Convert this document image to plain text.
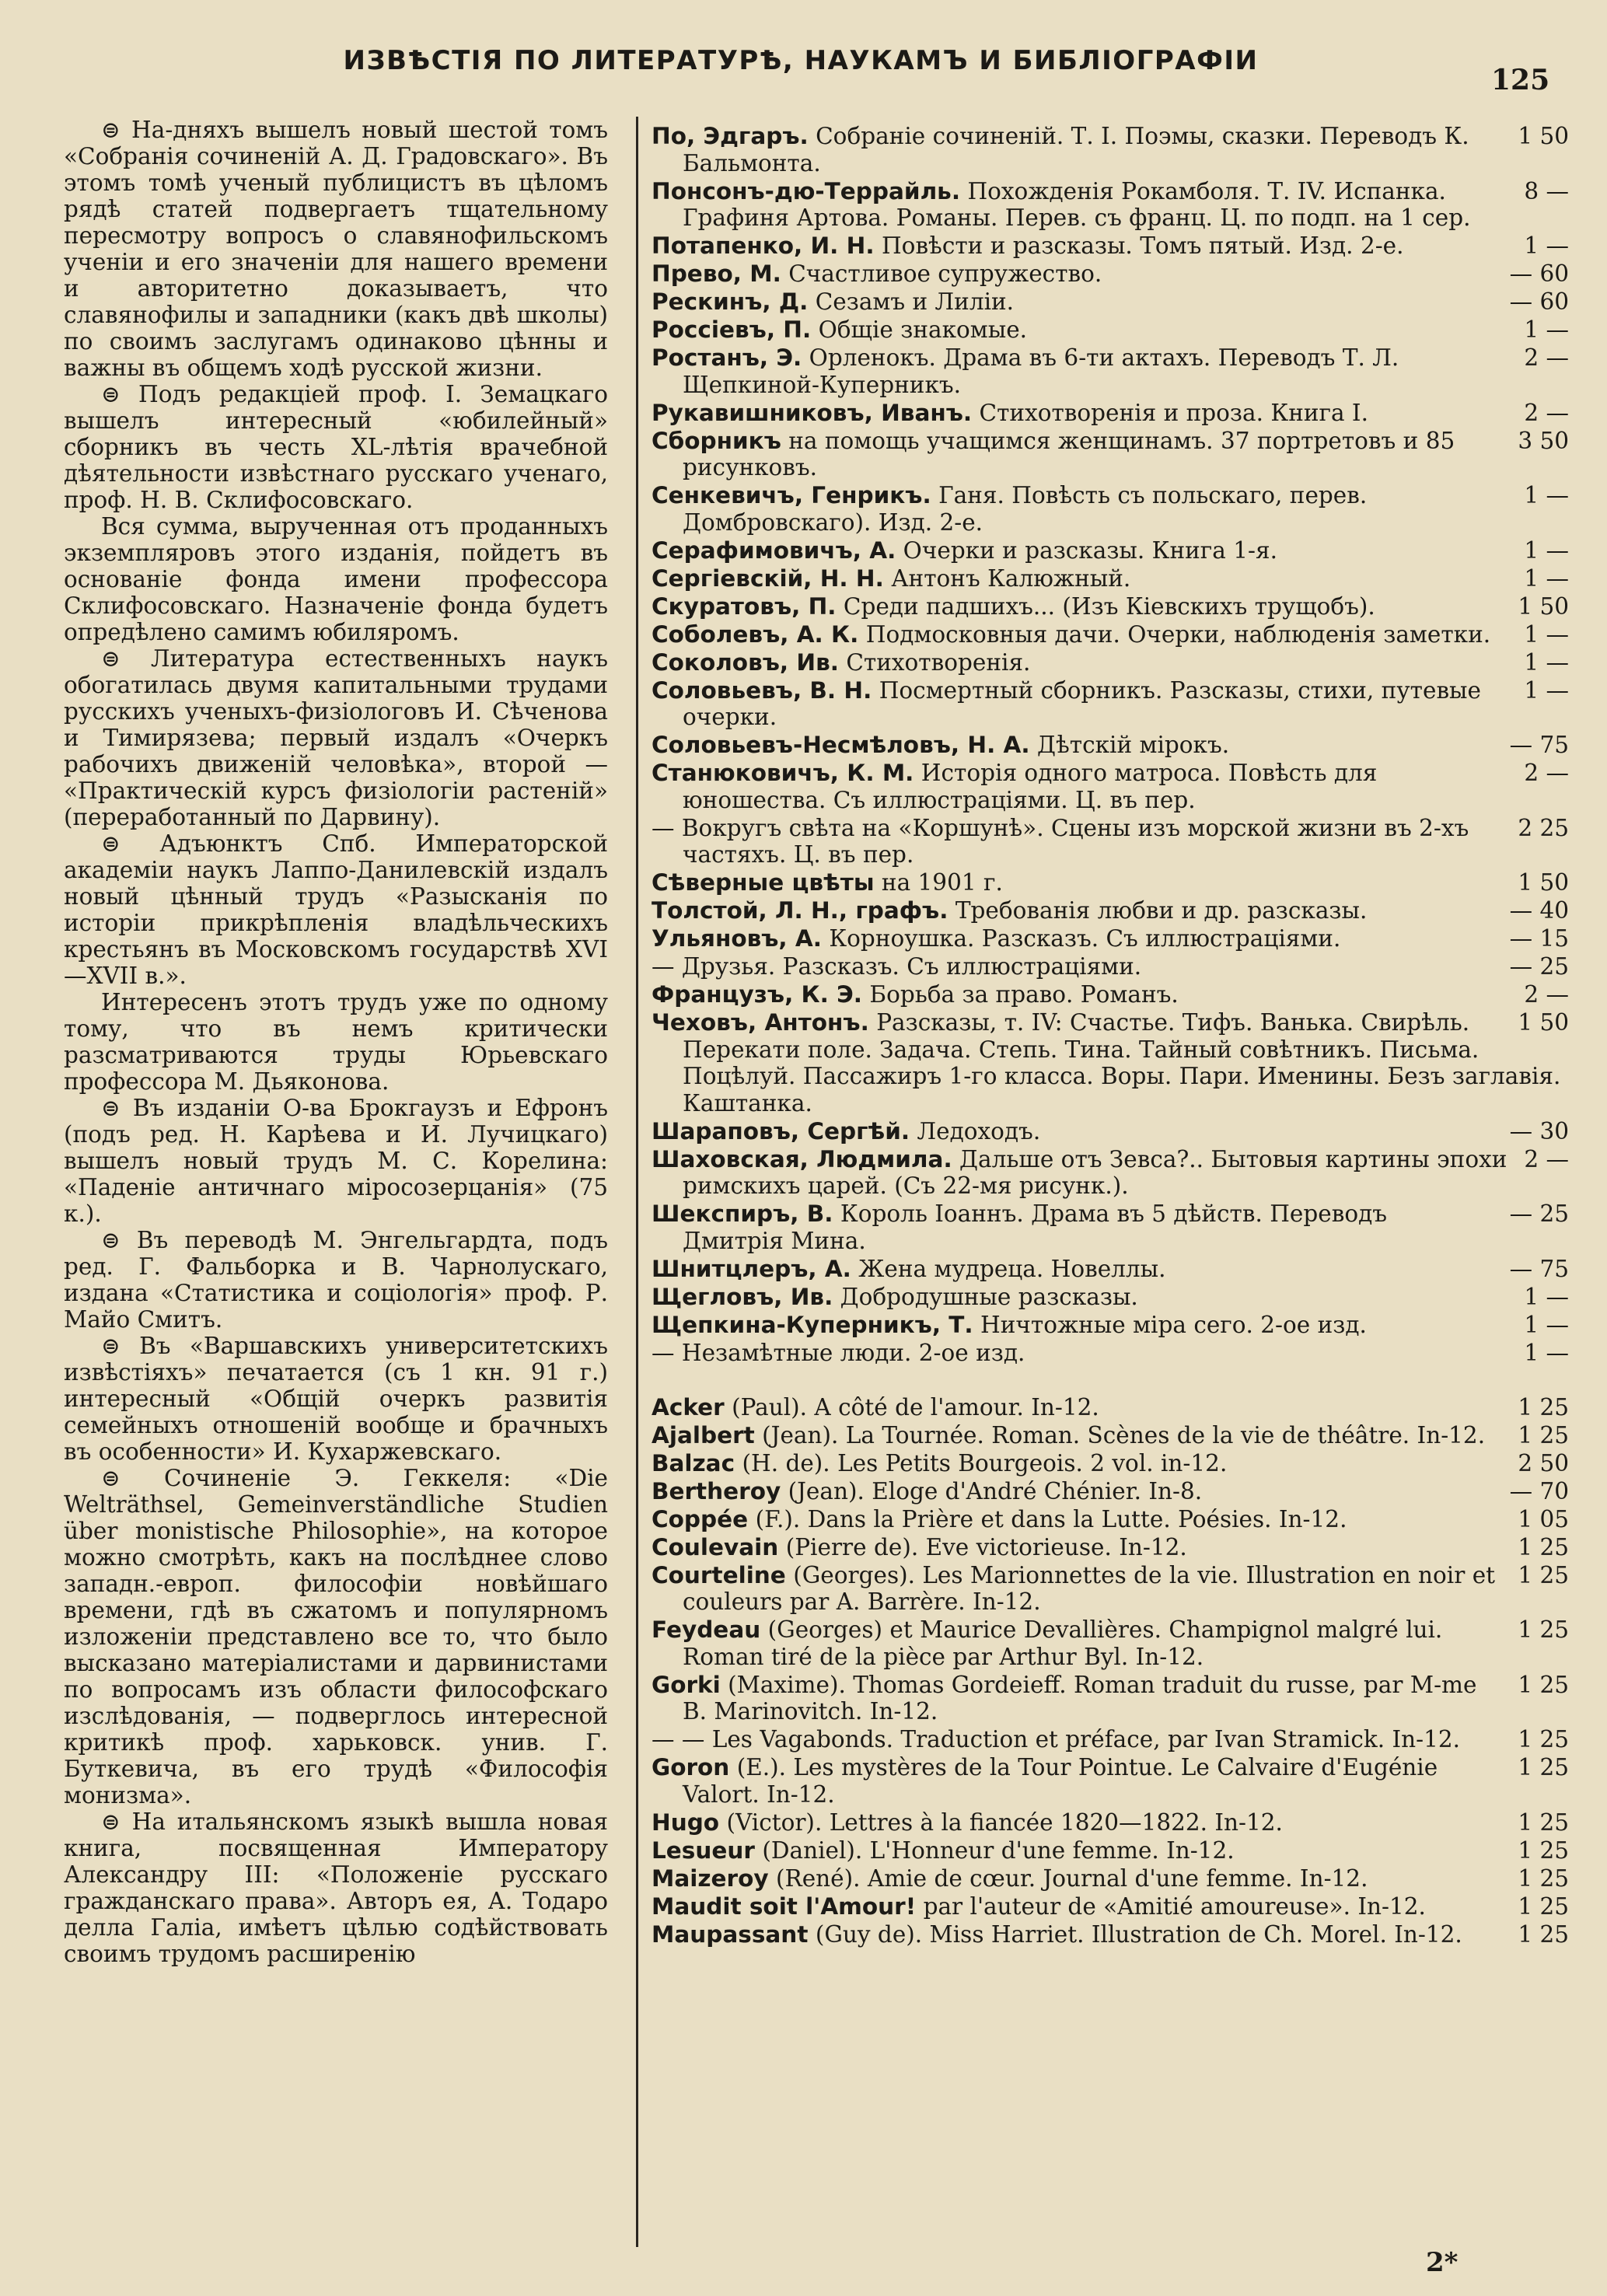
ИЗВѢСТІЯ ПО ЛИТЕРАТУРѢ, НАУКАМЪ И БИБЛІОГРАФІИ
125

⊜ На-дняхъ вышелъ новый шестой томъ «Собранія сочиненій А. Д. Градовскаго». Въ этомъ томѣ ученый публицистъ въ цѣломъ рядѣ статей подвергаетъ тщательному пересмотру вопросъ о славянофильскомъ ученіи и его значеніи для нашего времени и авторитетно доказываетъ, что славянофилы и западники (какъ двѣ школы) по своимъ заслугамъ одинаково цѣнны и важны въ общемъ ходѣ русской жизни.

⊜ Подъ редакціей проф. І. Земацкаго вышелъ интересный «юбилейный» сборникъ въ честь XL-лѣтія врачебной дѣятельности извѣстнаго русскаго ученаго, проф. Н. В. Склифосовскаго.

Вся сумма, вырученная отъ проданныхъ экземпляровъ этого изданія, пойдетъ въ основаніе фонда имени профессора Склифосовскаго. Назначеніе фонда будетъ опредѣлено самимъ юбиляромъ.

⊜ Литература естественныхъ наукъ обогатилась двумя капитальными трудами русскихъ ученыхъ-физіологовъ И. Сѣченова и Тимирязева; первый издалъ «Очеркъ рабочихъ движеній человѣка», второй — «Практическій курсъ физіологіи растеній» (переработанный по Дарвину).

⊜ Адъюнктъ Спб. Императорской академіи наукъ Лаппо-Данилевскій издалъ новый цѣнный трудъ «Разысканія по исторіи прикрѣпленія владѣльческихъ крестьянъ въ Московскомъ государствѣ XVI—XVII в.».

Интересенъ этотъ трудъ уже по одному тому, что въ немъ критически разсматриваются труды Юрьевскаго профессора М. Дьяконова.

⊜ Въ изданіи О-ва Брокгаузъ и Ефронъ (подъ ред. Н. Карѣева и И. Лучицкаго) вышелъ новый трудъ М. С. Корелина: «Паденіе античнаго міросозерцанія» (75 к.).

⊜ Въ переводѣ М. Энгельгардта, подъ ред. Г. Фальборка и В. Чарнолускаго, издана «Статистика и соціологія» проф. Р. Майо Смитъ.

⊜ Въ «Варшавскихъ университетскихъ извѣстіяхъ» печатается (съ 1 кн. 91 г.) интересный «Общій очеркъ развитія семейныхъ отношеній вообще и брачныхъ въ особенности» И. Кухаржевскаго.

⊜ Сочиненіе Э. Геккеля: «Die Welträthsel, Gemeinverständliche Studien über monistische Philosophie», на которое можно смотрѣть, какъ на послѣднее слово западн.-европ. философіи новѣйшаго времени, гдѣ въ сжатомъ и популярномъ изложеніи представлено все то, что было высказано матеріалистами и дарвинистами по вопросамъ изъ области философскаго изслѣдованія, — подверглось интересной критикѣ проф. харьковск. унив. Г. Буткевича, въ его трудѣ «Философія монизма».

⊜ На итальянскомъ языкѣ вышла новая книга, посвященная Императору Александру III: «Положеніе русскаго гражданскаго права». Авторъ ея, А. Тодаро делла Галіа, имѣетъ цѣлью содѣйствовать своимъ трудомъ расширенію

1 50
По, Эдгаръ. Собраніе сочиненій. Т. І. Поэмы, сказки. Переводъ К. Бальмонта.
8 —
Понсонъ-дю-Террайль. Похожденія Рокамболя. Т. IV. Испанка. Графиня Артова. Романы. Перев. съ франц. Ц. по подп. на 1 сер.
1 —
Потапенко, И. Н. Повѣсти и разсказы. Томъ пятый. Изд. 2-е.
— 60
Прево, М. Счастливое супружество.
— 60
Рескинъ, Д. Сезамъ и Лиліи.
1 —
Россіевъ, П. Общіе знакомые.
2 —
Ростанъ, Э. Орленокъ. Драма въ 6-ти актахъ. Переводъ Т. Л. Щепкиной-Куперникъ.
2 —
Рукавишниковъ, Иванъ. Стихотворенія и проза. Книга I.
3 50
Сборникъ на помощь учащимся женщинамъ. 37 портретовъ и 85 рисунковъ.
1 —
Сенкевичъ, Генрикъ. Ганя. Повѣсть съ польскаго, перев. Домбровскаго). Изд. 2-е.
1 —
Серафимовичъ, А. Очерки и разсказы. Книга 1-я.
1 —
Сергіевскій, Н. Н. Антонъ Калюжный.
1 50
Скуратовъ, П. Среди падшихъ... (Изъ Кіевскихъ трущобъ).
1 —
Соболевъ, А. К. Подмосковныя дачи. Очерки, наблюденія заметки.
1 —
Соколовъ, Ив. Стихотворенія.
1 —
Соловьевъ, В. Н. Посмертный сборникъ. Разсказы, стихи, путевые очерки.
— 75
Соловьевъ-Несмѣловъ, Н. А. Дѣтскій мірокъ.
2 —
Станюковичъ, К. М. Исторія одного матроса. Повѣсть для юношества. Съ иллюстраціями. Ц. въ пер.
2 25
— Вокругъ свѣта на «Коршунѣ». Сцены изъ морской жизни въ 2-хъ частяхъ. Ц. въ пер.
1 50
Сѣверные цвѣты на 1901 г.
— 40
Толстой, Л. Н., графъ. Требованія любви и др. разсказы.
— 15
Ульяновъ, А. Корноушка. Разсказъ. Съ иллюстраціями.
— 25
— Друзья. Разсказъ. Съ иллюстраціями.
2 —
Французъ, К. Э. Борьба за право. Романъ.
1 50
Чеховъ, Антонъ. Разсказы, т. IV: Счастье. Тифъ. Ванька. Свирѣль. Перекати поле. Задача. Степь. Тина. Тайный совѣтникъ. Письма. Поцѣлуй. Пассажиръ 1-го класса. Воры. Пари. Именины. Безъ заглавія. Каштанка.
— 30
Шараповъ, Сергѣй. Ледоходъ.
2 —
Шаховская, Людмила. Дальше отъ Зевса?.. Бытовыя картины эпохи римскихъ царей. (Съ 22-мя рисунк.).
— 25
Шекспиръ, В. Король Іоаннъ. Драма въ 5 дѣйств. Переводъ Дмитрія Мина.
— 75
Шнитцлеръ, А. Жена мудреца. Новеллы.
1 —
Щегловъ, Ив. Добродушные разсказы.
1 —
Щепкина-Куперникъ, Т. Ничтожные міра сего. 2-ое изд.
1 —
— Незамѣтные люди. 2-ое изд.
1 25
Acker (Paul). A côté de l'amour. In-12.
1 25
Ajalbert (Jean). La Tournée. Roman. Scènes de la vie de théâtre. In-12.
2 50
Balzac (H. de). Les Petits Bourgeois. 2 vol. in-12.
— 70
Bertheroy (Jean). Eloge d'André Chénier. In-8.
1 05
Coppée (F.). Dans la Prière et dans la Lutte. Poésies. In-12.
1 25
Coulevain (Pierre de). Eve victorieuse. In-12.
1 25
Courteline (Georges). Les Marionnettes de la vie. Illustration en noir et couleurs par A. Barrère. In-12.
1 25
Feydeau (Georges) et Maurice Devallières. Champignol malgré lui. Roman tiré de la pièce par Arthur Byl. In-12.
1 25
Gorki (Maxime). Thomas Gordeieff. Roman traduit du russe, par M-me B. Marinovitch. In-12.
1 25
— — Les Vagabonds. Traduction et préface, par Ivan Stramick. In-12.
1 25
Goron (E.). Les mystères de la Tour Pointue. Le Calvaire d'Eugénie Valort. In-12.
1 25
Hugo (Victor). Lettres à la fiancée 1820—1822. In-12.
1 25
Lesueur (Daniel). L'Honneur d'une femme. In-12.
1 25
Maizeroy (René). Amie de cœur. Journal d'une femme. In-12.
1 25
Maudit soit l'Amour! par l'auteur de «Amitié amoureuse». In-12.
1 25
Maupassant (Guy de). Miss Harriet. Illustration de Ch. Morel. In-12.
2*
